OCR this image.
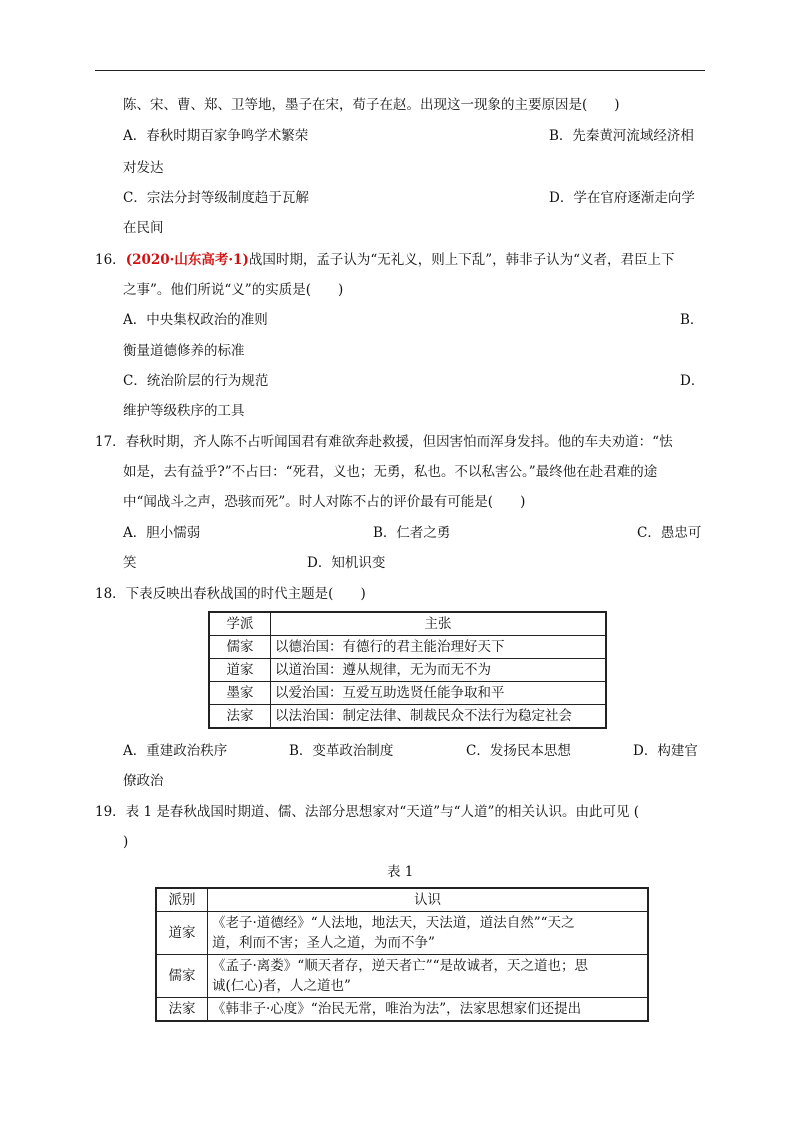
陈、宋、曹、郑、卫等地，墨子在宋，荀子在赵。出现这一现象的主要原因是(　　)
A．春秋时期百家争鸣学术繁荣	B．先秦黄河流域经济相
对发达
C．宗法分封等级制度趋于瓦解	D．学在官府逐渐走向学
在民间
16．(2020·山东高考·1)战国时期，孟子认为“无礼义，则上下乱”，韩非子认为“义者，君臣上下
之事”。他们所说“义”的实质是(　　)
A．中央集权政治的准则	B．
衡量道德修养的标准
C．统治阶层的行为规范	D．
维护等级秩序的工具
17．春秋时期，齐人陈不占听闻国君有难欲奔赴救援，但因害怕而浑身发抖。他的车夫劝道：“怯
如是，去有益乎?”不占曰：“死君，义也；无勇，私也。不以私害公。”最终他在赴君难的途
中“闻战斗之声，恐骇而死”。时人对陈不占的评价最有可能是(　　)
A．胆小懦弱	B．仁者之勇	C．愚忠可
笑	D．知机识变
18．下表反映出春秋战国的时代主题是(　　)
学派	主张
儒家	以德治国：有德行的君主能治理好天下
道家	以道治国：遵从规律，无为而无不为
墨家	以爱治国：互爱互助选贤任能争取和平
法家	以法治国：制定法律、制裁民众不法行为稳定社会
A．重建政治秩序	B．变革政治制度	C．发扬民本思想	D．构建官
僚政治
19．表 1 是春秋战国时期道、儒、法部分思想家对“天道”与“人道”的相关认识。由此可见 (
)
表 1
派别	认识
道家	《老子·道德经》“人法地，地法天，天法道，道法自然”“天之
道，利而不害；圣人之道，为而不争”

儒家	《孟子·离娄》“顺天者存，逆天者亡”“是故诚者，天之道也；思
诚(仁心)者，人之道也”

法家	《韩非子·心度》“治民无常，唯治为法”，法家思想家们还提出
